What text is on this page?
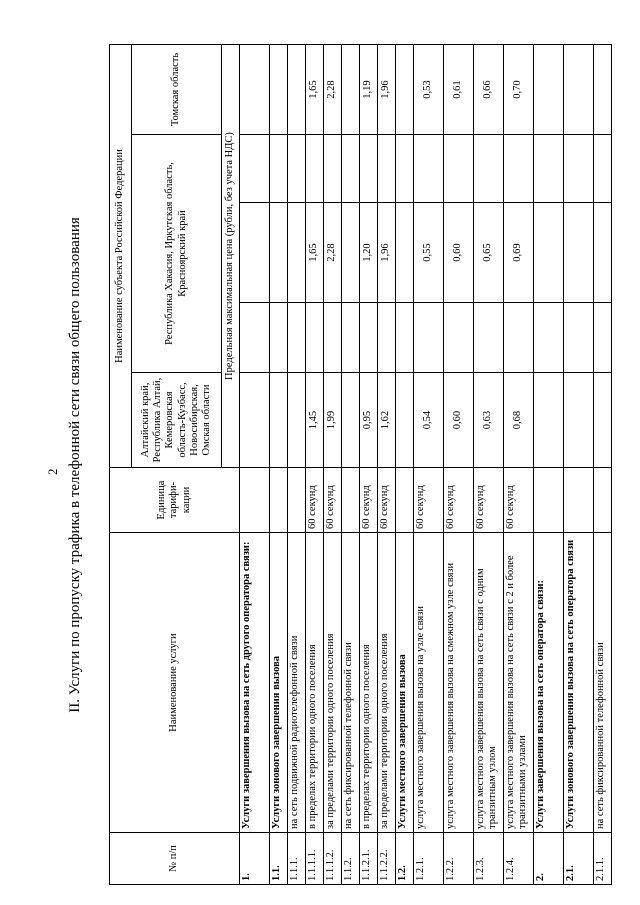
2 II. Услуги по пропуску трафика в телефонной сети связи общего пользования
№ п/п	Наименование услуги	Единица тарифи-кации	Наименование субъекта Российской Федерации				
			Алтайский край, Республика Алтай, Кемеровская область-Кузбасс, Новосибирская, Омская области	Республика Хакасия, Иркутская область, Красноярский край			Томская область
			Предельная максимальная цена (рубли, без учета НДС)				
1.	Услуги завершения вызова на сеть другого оператора связи:						
1.1.	Услуги зонового завершения вызова						
1.1.1.	на сеть подвижной радиотелефонной связи						
1.1.1.1.	в пределах территории одного поселения	60 секунд	1,45		1,65		1,65
1.1.1.2.	за пределами территории одного поселения	60 секунд	1,99		2,28		2,28
1.1.2.	на сеть фиксированной телефонной связи						
1.1.2.1.	в пределах территории одного поселения	60 секунд	0,95		1,20		1,19
1.1.2.2.	за пределами территории одного поселения	60 секунд	1,62		1,96		1,96
1.2.	Услуги местного завершения вызова						
1.2.1.	услуга местного завершения вызова на узле связи	60 секунд	0,54		0,55		0,53
1.2.2.	услуга местного завершения вызова на смежном узле связи	60 секунд	0,60		0,60		0,61
1.2.3.	услуга местного завершения вызова на сеть связи с одним транзитным узлом	60 секунд	0,63		0,65		0,66
1.2.4.	услуга местного завершения вызова на сеть связи с 2 и более транзитными узлами	60 секунд	0,68		0,69		0,70
2.	Услуги завершения вызова на сеть оператора связи:						
2.1.	Услуги зонового завершения вызова на сеть оператора связи						
2.1.1.	на сеть фиксированной телефонной связи						
